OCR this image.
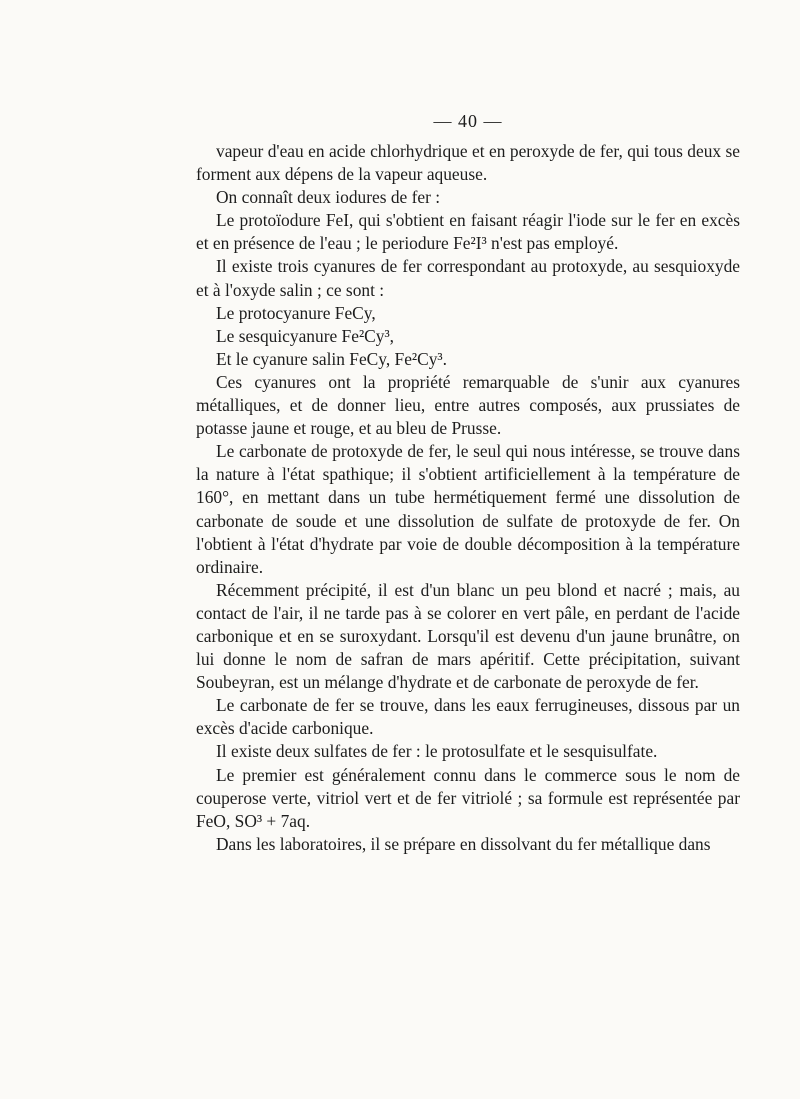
— 40 —

vapeur d'eau en acide chlorhydrique et en peroxyde de fer, qui tous deux se forment aux dépens de la vapeur aqueuse.

On connaît deux iodures de fer :

Le protoïodure FeI, qui s'obtient en faisant réagir l'iode sur le fer en excès et en présence de l'eau ; le periodure Fe²I³ n'est pas employé.

Il existe trois cyanures de fer correspondant au protoxyde, au sesquioxyde et à l'oxyde salin ; ce sont :

Le protocyanure FeCy,

Le sesquicyanure Fe²Cy³,

Et le cyanure salin FeCy, Fe²Cy³.

Ces cyanures ont la propriété remarquable de s'unir aux cyanures métalliques, et de donner lieu, entre autres composés, aux prussiates de potasse jaune et rouge, et au bleu de Prusse.

Le carbonate de protoxyde de fer, le seul qui nous intéresse, se trouve dans la nature à l'état spathique; il s'obtient artificiellement à la température de 160°, en mettant dans un tube hermétiquement fermé une dissolution de carbonate de soude et une dissolution de sulfate de protoxyde de fer. On l'obtient à l'état d'hydrate par voie de double décomposition à la température ordinaire.

Récemment précipité, il est d'un blanc un peu blond et nacré ; mais, au contact de l'air, il ne tarde pas à se colorer en vert pâle, en perdant de l'acide carbonique et en se suroxydant. Lorsqu'il est devenu d'un jaune brunâtre, on lui donne le nom de safran de mars apéritif. Cette précipitation, suivant Soubeyran, est un mélange d'hydrate et de carbonate de peroxyde de fer.

Le carbonate de fer se trouve, dans les eaux ferrugineuses, dissous par un excès d'acide carbonique.

Il existe deux sulfates de fer : le protosulfate et le sesquisulfate.

Le premier est généralement connu dans le commerce sous le nom de couperose verte, vitriol vert et de fer vitriolé ; sa formule est représentée par FeO, SO³ + 7aq.

Dans les laboratoires, il se prépare en dissolvant du fer métallique dans
